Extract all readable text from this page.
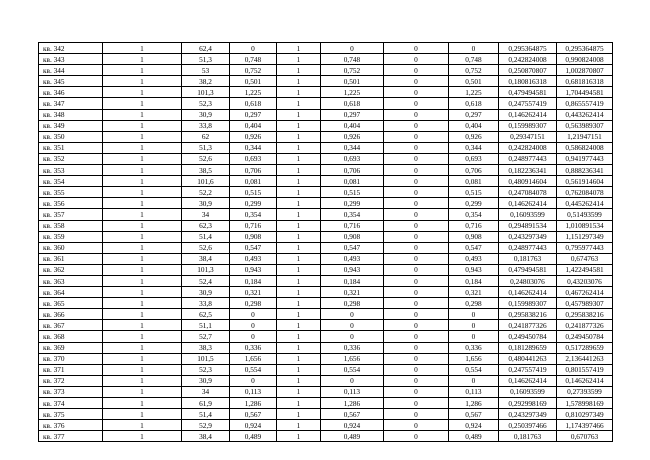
кв. 342	1	62,4	0	1	0	0	0	0,295364875	0,295364875
кв. 343	1	51,3	0,748	1	0,748	0	0,748	0,242824008	0,990824008
кв. 344	1	53	0,752	1	0,752	0	0,752	0,250870807	1,002870807
кв. 345	1	38,2	0,501	1	0,501	0	0,501	0,180816318	0,681816318
кв. 346	1	101,3	1,225	1	1,225	0	1,225	0,479494581	1,704494581
кв. 347	1	52,3	0,618	1	0,618	0	0,618	0,247557419	0,865557419
кв. 348	1	30,9	0,297	1	0,297	0	0,297	0,146262414	0,443262414
кв. 349	1	33,8	0,404	1	0,404	0	0,404	0,159989307	0,563989307
кв. 350	1	62	0,926	1	0,926	0	0,926	0,29347151	1,21947151
кв. 351	1	51,3	0,344	1	0,344	0	0,344	0,242824008	0,586824008
кв. 352	1	52,6	0,693	1	0,693	0	0,693	0,248977443	0,941977443
кв. 353	1	38,5	0,706	1	0,706	0	0,706	0,182236341	0,888236341
кв. 354	1	101,6	0,081	1	0,081	0	0,081	0,480914604	0,561914604
кв. 355	1	52,2	0,515	1	0,515	0	0,515	0,247084078	0,762084078
кв. 356	1	30,9	0,299	1	0,299	0	0,299	0,146262414	0,445262414
кв. 357	1	34	0,354	1	0,354	0	0,354	0,16093599	0,51493599
кв. 358	1	62,3	0,716	1	0,716	0	0,716	0,294891534	1,010891534
кв. 359	1	51,4	0,908	1	0,908	0	0,908	0,243297349	1,151297349
кв. 360	1	52,6	0,547	1	0,547	0	0,547	0,248977443	0,795977443
кв. 361	1	38,4	0,493	1	0,493	0	0,493	0,181763	0,674763
кв. 362	1	101,3	0,943	1	0,943	0	0,943	0,479494581	1,422494581
кв. 363	1	52,4	0,184	1	0,184	0	0,184	0,24803076	0,43203076
кв. 364	1	30,9	0,321	1	0,321	0	0,321	0,146262414	0,467262414
кв. 365	1	33,8	0,298	1	0,298	0	0,298	0,159989307	0,457989307
кв. 366	1	62,5	0	1	0	0	0	0,295838216	0,295838216
кв. 367	1	51,1	0	1	0	0	0	0,241877326	0,241877326
кв. 368	1	52,7	0	1	0	0	0	0,249450784	0,249450784
кв. 369	1	38,3	0,336	1	0,336	0	0,336	0,181289659	0,517289659
кв. 370	1	101,5	1,656	1	1,656	0	1,656	0,480441263	2,136441263
кв. 371	1	52,3	0,554	1	0,554	0	0,554	0,247557419	0,801557419
кв. 372	1	30,9	0	1	0	0	0	0,146262414	0,146262414
кв. 373	1	34	0,113	1	0,113	0	0,113	0,16093599	0,27393599
кв. 374	1	61,9	1,286	1	1,286	0	1,286	0,292998169	1,578998169
кв. 375	1	51,4	0,567	1	0,567	0	0,567	0,243297349	0,810297349
кв. 376	1	52,9	0,924	1	0,924	0	0,924	0,250397466	1,174397466
кв. 377	1	38,4	0,489	1	0,489	0	0,489	0,181763	0,670763
